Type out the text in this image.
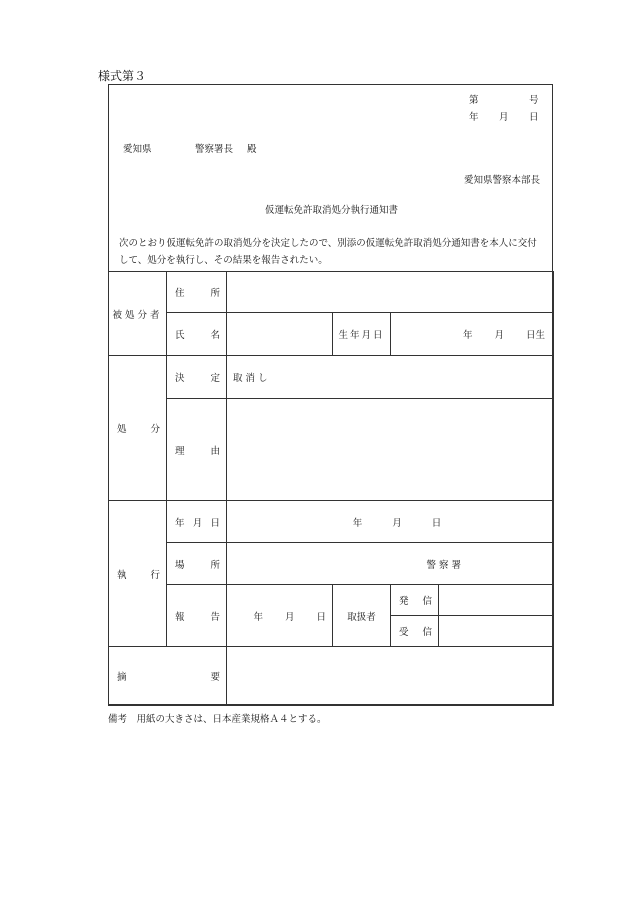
様式第３
第	号
年 月 日
愛知県	警察署長 殿
愛知県警察本部長
仮運転免許取消処分執行通知書
次のとおり仮運転免許の取消処分を決定したので、別添の仮運転免許取消処分通知書を本人に交付して、処分を執行し、その結果を報告されたい。
被処分者	住 所				

	氏 名		生年月日	年 月 日生	

処 分	決 定	取 消 し			

	理 由				

執 行	年 月 日	年 月 日			

	場 所	警 察 署			

	報 告	年 月 日	取扱者	発 信	

				受 信	

摘 要					

備考　用紙の大きさは、日本産業規格Ａ４とする。
